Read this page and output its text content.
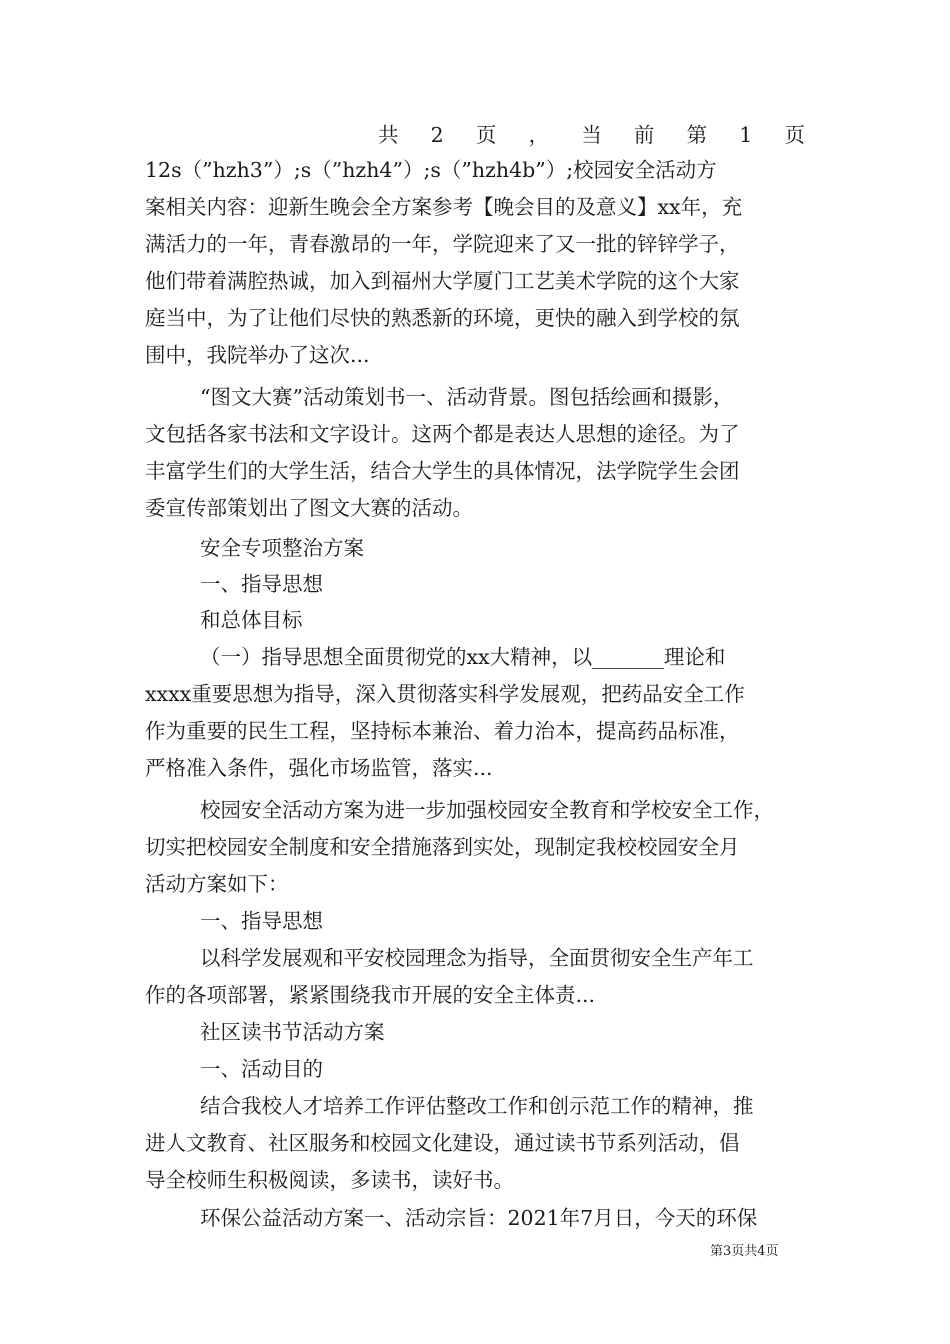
共 2 页 ， 当 前 第 1 页
12s（”hzh3”）;s（”hzh4”）;s（”hzh4b”）;校园安全活动方
案相关内容：迎新生晚会全方案参考【晚会目的及意义】xx年，充
满活力的一年，青春激昂的一年，学院迎来了又一批的锌锌学子，
他们带着满腔热诚，加入到福州大学厦门工艺美术学院的这个大家
庭当中，为了让他们尽快的熟悉新的环境，更快的融入到学校的氛
围中，我院举办了这次...
“图文大赛”活动策划书一、活动背景。图包括绘画和摄影，
文包括各家书法和文字设计。这两个都是表达人思想的途径。为了
丰富学生们的大学生活，结合大学生的具体情况，法学院学生会团
委宣传部策划出了图文大赛的活动。
安全专项整治方案
一、指导思想
和总体目标
（一）指导思想全面贯彻党的xx大精神，以_______理论和
xxxx重要思想为指导，深入贯彻落实科学发展观，把药品安全工作
作为重要的民生工程，坚持标本兼治、着力治本，提高药品标准，
严格准入条件，强化市场监管，落实...
校园安全活动方案为进一步加强校园安全教育和学校安全工作，
切实把校园安全制度和安全措施落到实处，现制定我校校园安全月
活动方案如下：
一、指导思想
以科学发展观和平安校园理念为指导，全面贯彻安全生产年工
作的各项部署，紧紧围绕我市开展的安全主体责...
社区读书节活动方案
一、活动目的
结合我校人才培养工作评估整改工作和创示范工作的精神，推
进人文教育、社区服务和校园文化建设，通过读书节系列活动，倡
导全校师生积极阅读，多读书，读好书。
环保公益活动方案一、活动宗旨：2021年7月日，今天的环保
第3页共4页
